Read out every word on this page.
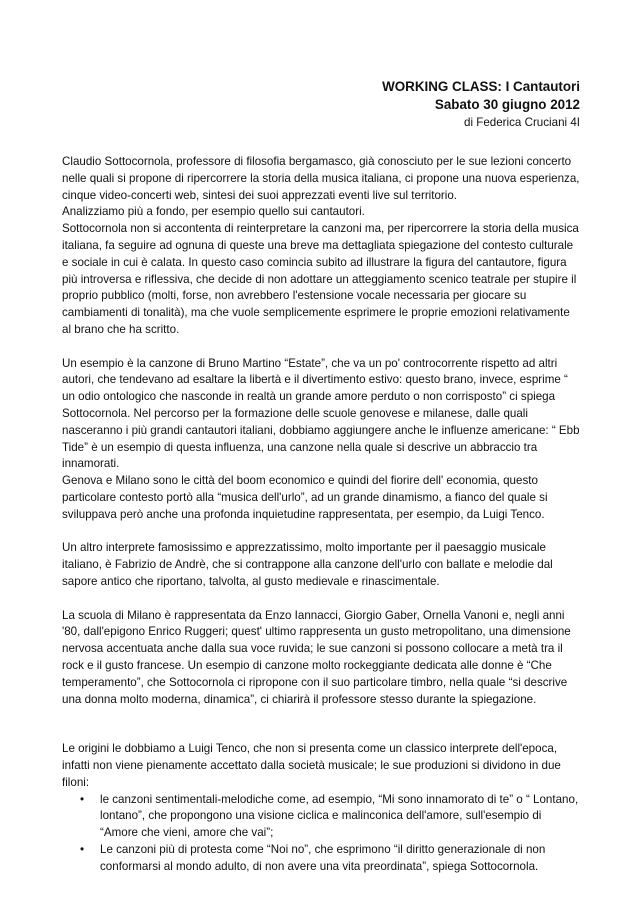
WORKING CLASS: I Cantautori
Sabato 30 giugno 2012
di Federica Cruciani 4I

Claudio Sottocornola, professore di filosofia bergamasco, già conosciuto per le sue lezioni concerto nelle quali si propone di ripercorrere la storia della musica italiana, ci propone una nuova esperienza, cinque video-concerti web, sintesi dei suoi apprezzati eventi live sul territorio.

Analizziamo più a fondo, per esempio quello sui cantautori.

Sottocornola non si accontenta di reinterpretare la canzoni ma, per ripercorrere la storia della musica italiana, fa seguire ad ognuna di queste una breve ma dettagliata spiegazione del contesto culturale e sociale in cui è calata. In questo caso comincia subito ad illustrare la figura del cantautore, figura più introversa e riflessiva, che decide di non adottare un atteggiamento scenico teatrale per stupire il proprio pubblico (molti, forse, non avrebbero l'estensione vocale necessaria per giocare su cambiamenti di tonalità), ma che vuole semplicemente esprimere le proprie emozioni relativamente al brano che ha scritto.

Un esempio è la canzone di Bruno Martino “Estate”, che va un po' controcorrente rispetto ad altri autori, che tendevano ad esaltare la libertà e il divertimento estivo: questo brano, invece, esprime “ un odio ontologico che nasconde in realtà un grande amore perduto o non corrisposto” ci spiega Sottocornola. Nel percorso per la formazione delle scuole genovese e milanese, dalle quali nasceranno i più grandi cantautori italiani, dobbiamo aggiungere anche le influenze americane: “ Ebb Tide” è un esempio di questa influenza, una canzone nella quale si descrive un abbraccio tra innamorati.

Genova e Milano sono le città del boom economico e quindi del fiorire dell' economia, questo particolare contesto portò alla “musica dell'urlo”, ad un grande dinamismo, a fianco del quale si sviluppava però anche una profonda inquietudine rappresentata, per esempio, da Luigi Tenco.

Un altro interprete famosissimo e apprezzatissimo, molto importante per il paesaggio musicale italiano, è Fabrizio de Andrè, che si contrappone alla canzone dell'urlo con ballate e melodie dal sapore antico che riportano, talvolta, al gusto medievale e rinascimentale.

La scuola di Milano è rappresentata da Enzo Iannacci, Giorgio Gaber, Ornella Vanoni e, negli anni '80, dall'epigono Enrico Ruggeri; quest' ultimo rappresenta un gusto metropolitano, una dimensione nervosa accentuata anche dalla sua voce ruvida; le sue canzoni si possono collocare a metà tra il rock e il gusto francese. Un esempio di canzone molto rockeggiante dedicata alle donne è “Che temperamento”, che Sottocornola ci ripropone con il suo particolare timbro, nella quale “si descrive una donna molto moderna, dinamica”, ci chiarirà il professore stesso durante la spiegazione.

Le origini le dobbiamo a Luigi Tenco, che non si presenta come un classico interprete dell'epoca, infatti non viene pienamente accettato dalla società musicale; le sue produzioni si dividono in due filoni:

• le canzoni sentimentali-melodiche come, ad esempio, “Mi sono innamorato di te” o “ Lontano, lontano”, che propongono una visione ciclica e malinconica dell'amore, sull'esempio di “Amore che vieni, amore che vai”;
• Le canzoni più di protesta come “Noi no”, che esprimono “il diritto generazionale di non conformarsi al mondo adulto, di non avere una vita preordinata”, spiega Sottocornola.
